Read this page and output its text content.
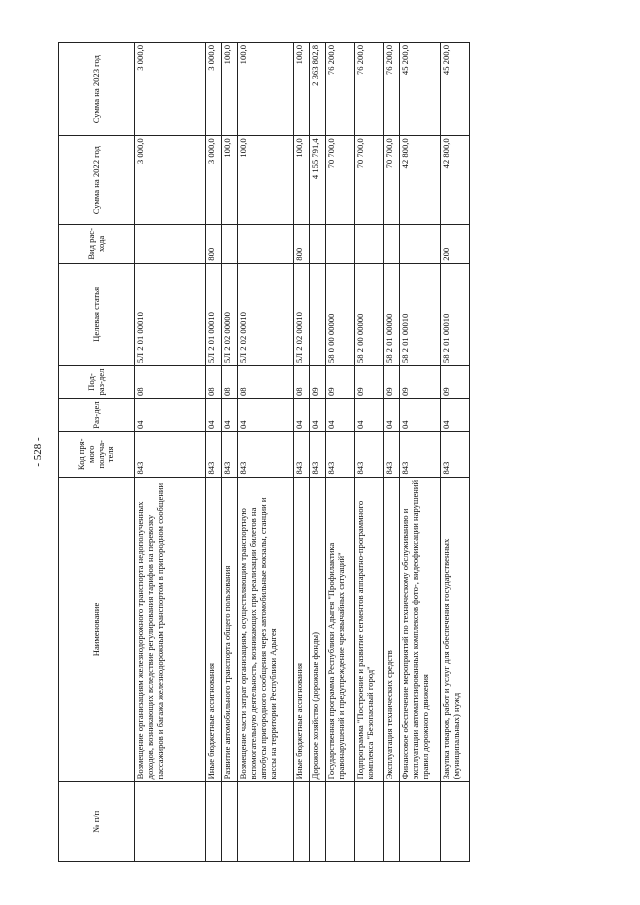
- 528 -
№ п/п	Наименование	Код пря-мого получа-теля	Раз-дел	Под-раз-дел	Целевая статья	Вид рас-хода	Сумма на 2022 год	Сумма на 2023 год
	Возмещение организациям железнодорожного транспорта недополученных доходов, возникающих вследствие регулирования тарифов на перевозку пассажиров и багажа железнодорожным транспортом в пригородном сообщении	843	04	08	5Л 2 01 00010		3 000,0	3 000,0
	Иные бюджетные ассигнования	843	04	08	5Л 2 01 00010	800	3 000,0	3 000,0
	Развитие автомобильного транспорта общего пользования	843	04	08	5Л 2 02 00000		100,0	100,0
	Возмещение части затрат организациям, осуществляющим транспортную вспомогательную деятельность, возникающих при реализации билетов на автобусы пригородного сообщения через автомобильные вокзалы, станции и кассы на территории Республики Адыгея	843	04	08	5Л 2 02 00010		100,0	100,0
	Иные бюджетные ассигнования	843	04	08	5Л 2 02 00010	800	100,0	100,0
	Дорожное хозяйство (дорожные фонды)	843	04	09			4 155 791,4	2 363 802,8
	Государственная программа Республики Адыгея "Профилактика правонарушений и предупреждение чрезвычайных ситуаций"	843	04	09	58 0 00 00000		70 700,0	76 200,0
	Подпрограмма "Построение и развитие сегментов аппаратно-программного комплекса "Безопасный город"	843	04	09	58 2 00 00000		70 700,0	76 200,0
	Эксплуатация технических средств	843	04	09	58 2 01 00000		70 700,0	76 200,0
	Финансовое обеспечение мероприятий по техническому обслуживанию и эксплуатации автоматизированных комплексов фото-, видеофиксации нарушений правил дорожного движения	843	04	09	58 2 01 00010		42 800,0	45 200,0
	Закупка товаров, работ и услуг для обеспечения государственных (муниципальных) нужд	843	04	09	58 2 01 00010	200	42 800,0	45 200,0
